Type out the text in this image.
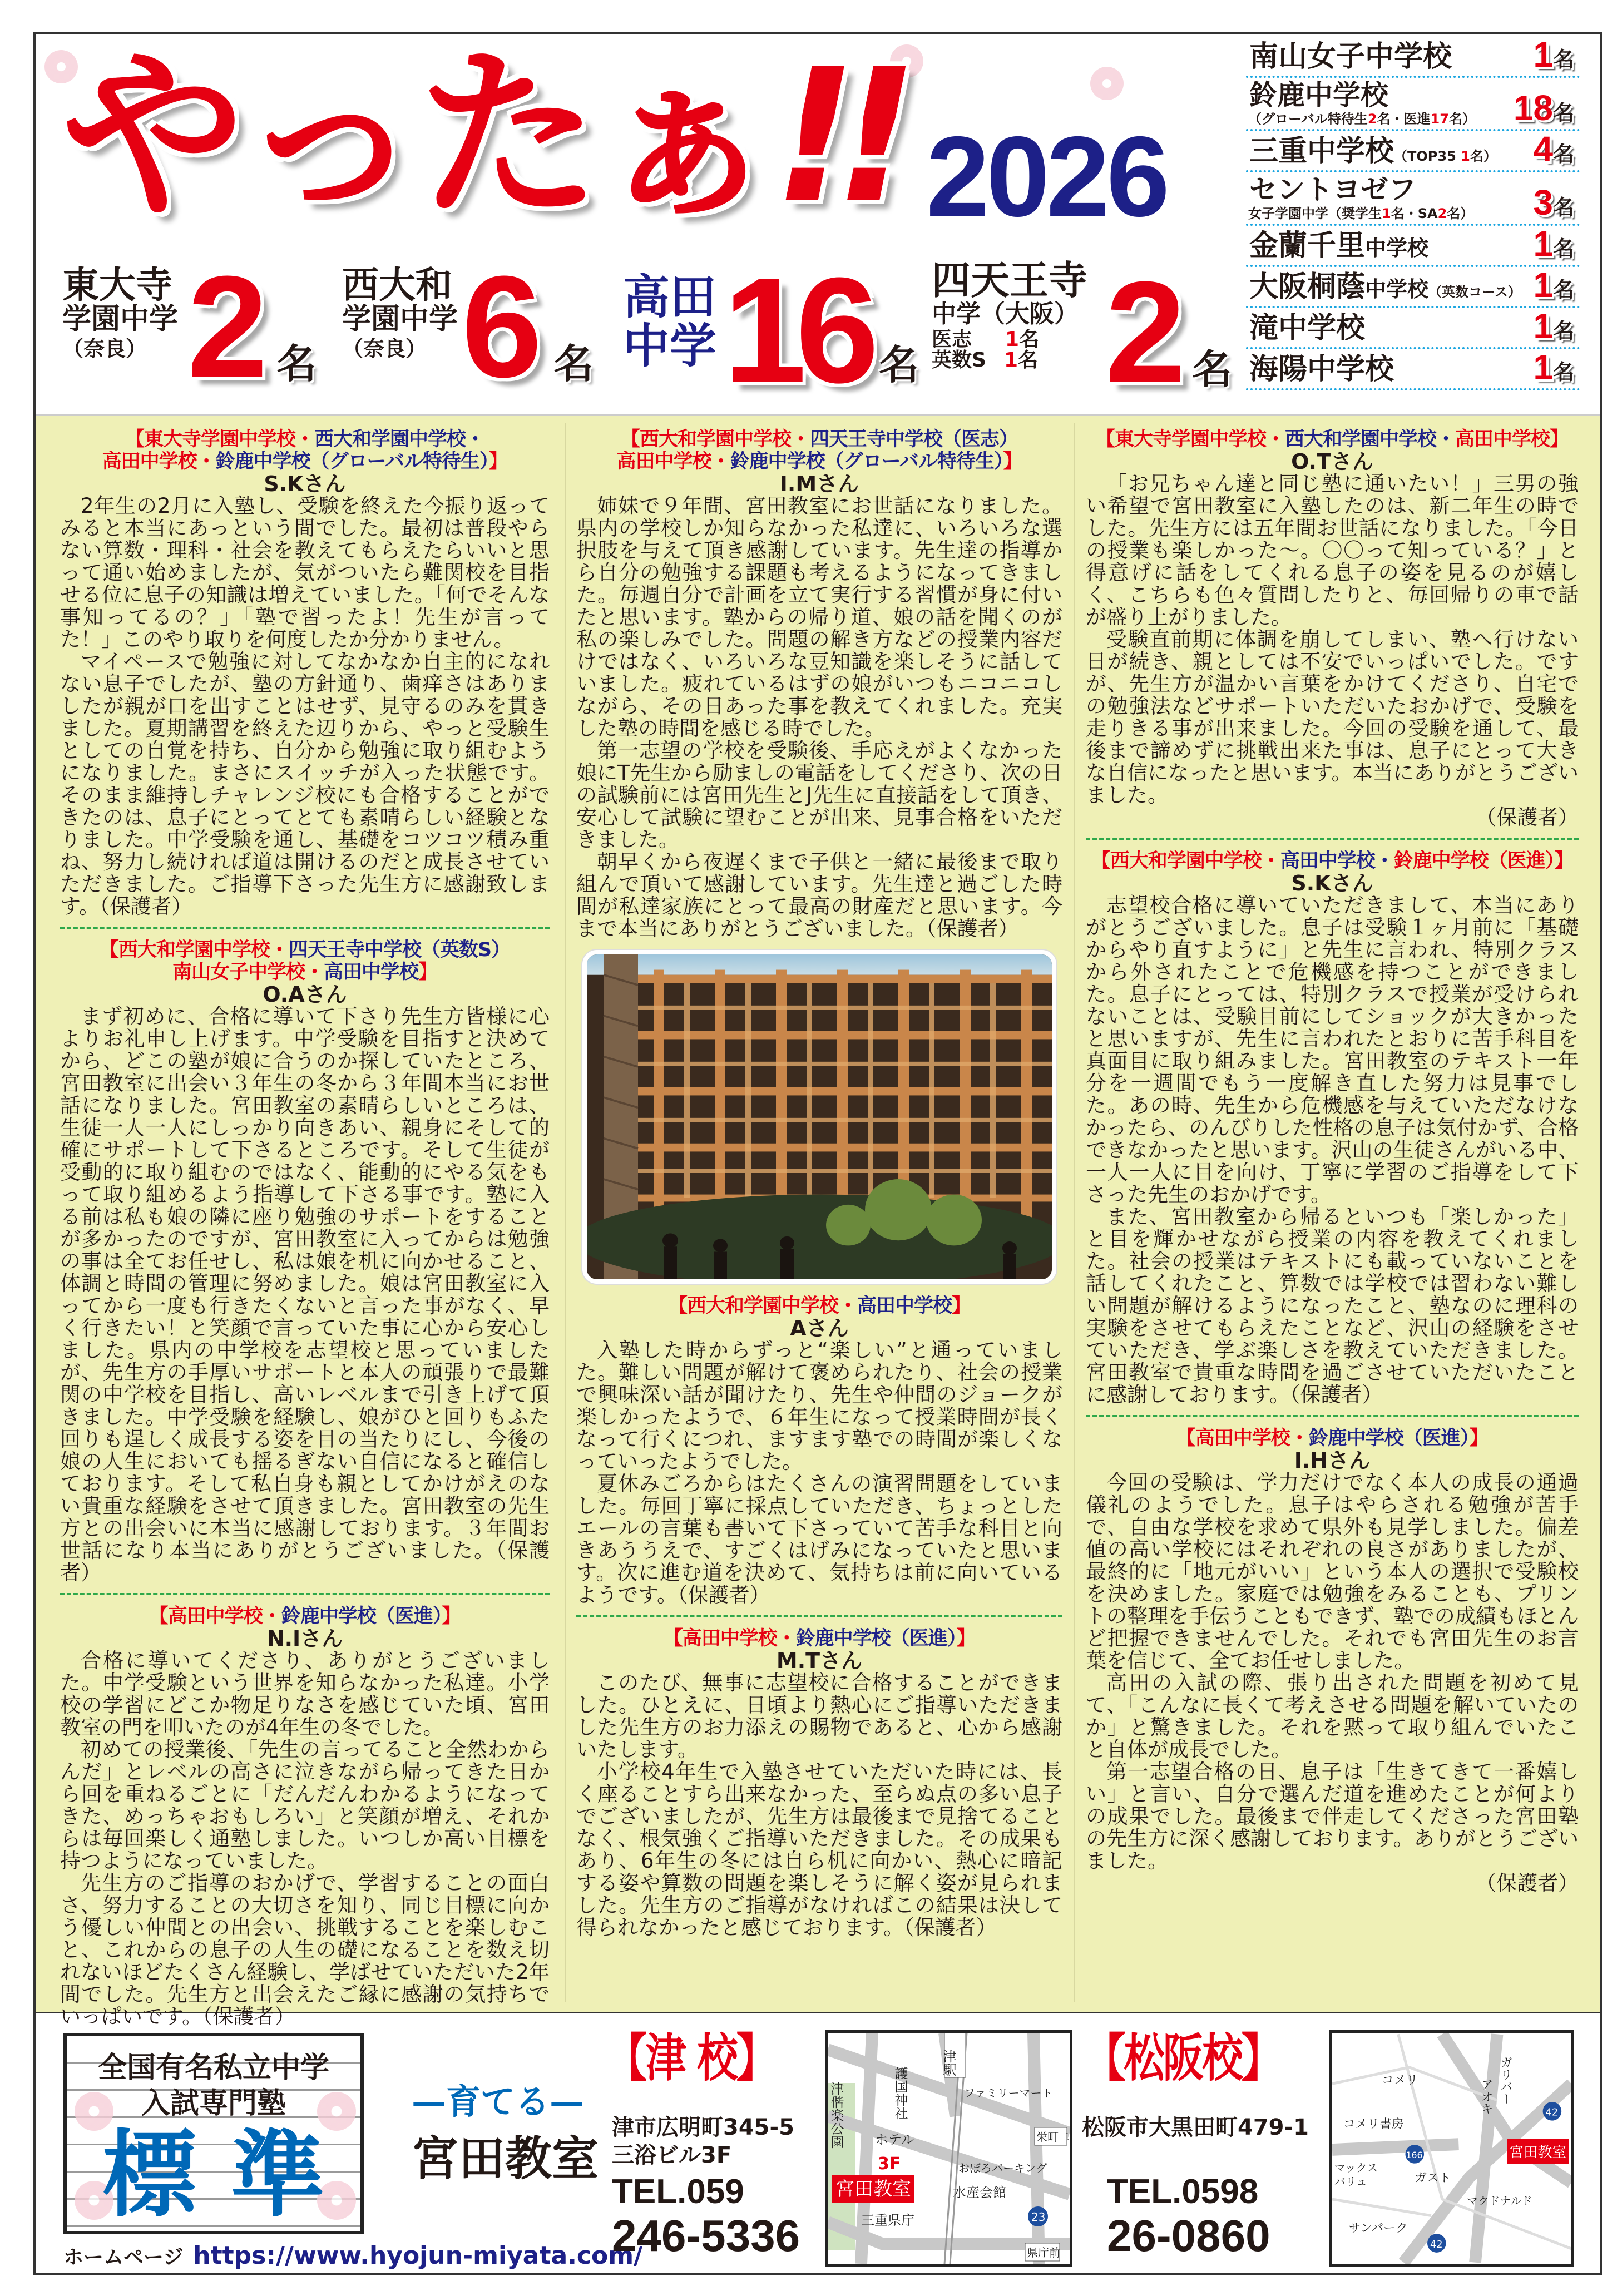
やったぁ!! 2026
東大寺
学園中学
（奈良） 2 名
西大和
学園中学
（奈良） 6 名
高田
中学 16 名
四天王寺
中学（大阪）
医志 1名
英数S 1名 2 名
南山女子中学校 1名
鈴鹿中学校
（グローバル特待生2名・医進17名） 18名
三重中学校（TOP35 1名） 4名
セントヨゼフ
女子学園中学（奨学生1名・SA2名） 3名
金蘭千里中学校	1名
大阪桐蔭中学校（英数コース） 1名
滝中学校	1名
海陽中学校	1名
【東大寺学園中学校・西大和学園中学校・
高田中学校・鈴鹿中学校（グローバル特待生）】
S.Kさん

2年生の2月に入塾し、受験を終えた今振り返ってみると本当にあっという間でした。最初は普段やらない算数・理科・社会を教えてもらえたらいいと思って通い始めましたが、気がついたら難関校を目指せる位に息子の知識は増えていました。「何でそんな事知ってるの？」「塾で習ったよ！先生が言ってた！」このやり取りを何度したか分かりません。

マイペースで勉強に対してなかなか自主的になれない息子でしたが、塾の方針通り、歯痒さはありましたが親が口を出すことはせず、見守るのみを貫きました。夏期講習を終えた辺りから、やっと受験生としての自覚を持ち、自分から勉強に取り組むようになりました。まさにスイッチが入った状態です。そのまま維持しチャレンジ校にも合格することができたのは、息子にとってとても素晴らしい経験となりました。中学受験を通し、基礎をコツコツ積み重ね、努力し続ければ道は開けるのだと成長させていただきました。ご指導下さった先生方に感謝致します。（保護者）

【西大和学園中学校・四天王寺中学校（英数S）
南山女子中学校・高田中学校】
O.Aさん

まず初めに、合格に導いて下さり先生方皆様に心よりお礼申し上げます。中学受験を目指すと決めてから、どこの塾が娘に合うのか探していたところ、宮田教室に出会い３年生の冬から３年間本当にお世話になりました。宮田教室の素晴らしいところは、生徒一人一人にしっかり向きあい、親身にそして的確にサポートして下さるところです。そして生徒が受動的に取り組むのではなく、能動的にやる気をもって取り組めるよう指導して下さる事です。塾に入る前は私も娘の隣に座り勉強のサポートをすることが多かったのですが、宮田教室に入ってからは勉強の事は全てお任せし、私は娘を机に向かせること、体調と時間の管理に努めました。娘は宮田教室に入ってから一度も行きたくないと言った事がなく、早く行きたい！と笑顔で言っていた事に心から安心しました。県内の中学校を志望校と思っていましたが、先生方の手厚いサポートと本人の頑張りで最難関の中学校を目指し、高いレベルまで引き上げて頂きました。中学受験を経験し、娘がひと回りもふた回りも逞しく成長する姿を目の当たりにし、今後の娘の人生においても揺るぎない自信になると確信しております。そして私自身も親としてかけがえのない貴重な経験をさせて頂きました。宮田教室の先生方との出会いに本当に感謝しております。３年間お世話になり本当にありがとうございました。（保護者）

【高田中学校・鈴鹿中学校（医進）】
N.Iさん

合格に導いてくださり、ありがとうございました。中学受験という世界を知らなかった私達。小学校の学習にどこか物足りなさを感じていた頃、宮田教室の門を叩いたのが4年生の冬でした。

初めての授業後、「先生の言ってること全然わからんだ」とレベルの高さに泣きながら帰ってきた日から回を重ねるごとに「だんだんわかるようになってきた、めっちゃおもしろい」と笑顔が増え、それからは毎回楽しく通塾しました。いつしか高い目標を持つようになっていました。

先生方のご指導のおかげで、学習することの面白さ、努力することの大切さを知り、同じ目標に向かう優しい仲間との出会い、挑戦することを楽しむこと、これからの息子の人生の礎になることを数え切れないほどたくさん経験し、学ばせていただいた2年間でした。先生方と出会えたご縁に感謝の気持ちでいっぱいです。（保護者）

【西大和学園中学校・四天王寺中学校（医志）
高田中学校・鈴鹿中学校（グローバル特待生）】
I.Mさん

姉妹で９年間、宮田教室にお世話になりました。県内の学校しか知らなかった私達に、いろいろな選択肢を与えて頂き感謝しています。先生達の指導から自分の勉強する課題も考えるようになってきました。毎週自分で計画を立て実行する習慣が身に付いたと思います。塾からの帰り道、娘の話を聞くのが私の楽しみでした。問題の解き方などの授業内容だけではなく、いろいろな豆知識を楽しそうに話していました。疲れているはずの娘がいつもニコニコしながら、その日あった事を教えてくれました。充実した塾の時間を感じる時でした。

第一志望の学校を受験後、手応えがよくなかった娘にT先生から励ましの電話をしてくださり、次の日の試験前には宮田先生とJ先生に直接話をして頂き、安心して試験に望むことが出来、見事合格をいただきました。

朝早くから夜遅くまで子供と一緒に最後まで取り組んで頂いて感謝しています。先生達と過ごした時間が私達家族にとって最高の財産だと思います。今まで本当にありがとうございました。（保護者）

【西大和学園中学校・高田中学校】
Aさん

入塾した時からずっと“楽しい”と通っていました。難しい問題が解けて褒められたり、社会の授業で興味深い話が聞けたり、先生や仲間のジョークが楽しかったようで、６年生になって授業時間が長くなって行くにつれ、ますます塾での時間が楽しくなっていったようでした。

夏休みごろからはたくさんの演習問題をしていました。毎回丁寧に採点していただき、ちょっとしたエールの言葉も書いて下さっていて苦手な科目と向きあううえで、すごくはげみになっていたと思います。次に進む道を決めて、気持ちは前に向いているようです。（保護者）

【高田中学校・鈴鹿中学校（医進）】
M.Tさん

このたび、無事に志望校に合格することができました。ひとえに、日頃より熱心にご指導いただきました先生方のお力添えの賜物であると、心から感謝いたします。

小学校4年生で入塾させていただいた時には、長く座ることすら出来なかった、至らぬ点の多い息子でございましたが、先生方は最後まで見捨てることなく、根気強くご指導いただきました。その成果もあり、6年生の冬には自ら机に向かい、熱心に暗記する姿や算数の問題を楽しそうに解く姿が見られました。先生方のご指導がなければこの結果は決して得られなかったと感じております。（保護者）

【東大寺学園中学校・西大和学園中学校・高田中学校】
O.Tさん

「お兄ちゃん達と同じ塾に通いたい！」三男の強い希望で宮田教室に入塾したのは、新二年生の時でした。先生方には五年間お世話になりました。「今日の授業も楽しかった〜。〇〇って知っている？」と得意げに話をしてくれる息子の姿を見るのが嬉しく、こちらも色々質問したりと、毎回帰りの車で話が盛り上がりました。

受験直前期に体調を崩してしまい、塾へ行けない日が続き、親としては不安でいっぱいでした。ですが、先生方が温かい言葉をかけてくださり、自宅での勉強法などサポートいただいたおかげで、受験を走りきる事が出来ました。今回の受験を通して、最後まで諦めずに挑戦出来た事は、息子にとって大きな自信になったと思います。本当にありがとうございました。

（保護者）
【西大和学園中学校・高田中学校・鈴鹿中学校（医進）】
S.Kさん

志望校合格に導いていただきまして、本当にありがとうございました。息子は受験１ヶ月前に「基礎からやり直すように」と先生に言われ、特別クラスから外されたことで危機感を持つことができました。息子にとっては、特別クラスで授業が受けられないことは、受験目前にしてショックが大きかったと思いますが、先生に言われたとおりに苦手科目を真面目に取り組みました。宮田教室のテキスト一年分を一週間でもう一度解き直した努力は見事でした。あの時、先生から危機感を与えていただなけなかったら、のんびりした性格の息子は気付かず、合格できなかったと思います。沢山の生徒さんがいる中、一人一人に目を向け、丁寧に学習のご指導をして下さった先生のおかげです。

また、宮田教室から帰るといつも「楽しかった」と目を輝かせながら授業の内容を教えてくれました。社会の授業はテキストにも載っていないことを話してくれたこと、算数では学校では習わない難しい問題が解けるようになったこと、塾なのに理科の実験をさせてもらえたことなど、沢山の経験をさせていただき、学ぶ楽しさを教えていただきました。宮田教室で貴重な時間を過ごさせていただいたことに感謝しております。（保護者）

【高田中学校・鈴鹿中学校（医進）】
I.Hさん

今回の受験は、学力だけでなく本人の成長の通過儀礼のようでした。息子はやらされる勉強が苦手で、自由な学校を求めて県外も見学しました。偏差値の高い学校にはそれぞれの良さがありましたが、最終的に「地元がいい」という本人の選択で受験校を決めました。家庭では勉強をみることも、プリントの整理を手伝うこともできず、塾での成績もほとんど把握できませんでした。それでも宮田先生のお言葉を信じて、全てお任せしました。

高田の入試の際、張り出された問題を初めて見て、「こんなに長くて考えさせる問題を解いていたのか」と驚きました。それを黙って取り組んでいたこと自体が成長でした。

第一志望合格の日、息子は「生きてきて一番嬉しい」と言い、自分で選んだ道を進めたことが何よりの成果でした。最後まで伴走してくださった宮田塾の先生方に深く感謝しております。ありがとうございました。

（保護者）
全国有名私立中学
入試専門塾
標準
ホームページ https://www.hyojun-miyata.com/
—育てる—
宮田教室
【津 校】
津市広明町345-5
三浴ビル3F
TEL.059
246-5336
津駅
護国神社	ファミリーマート
津偕楽公園 ホテル
3F
宮田教室
おぼろパーキング
水産会館
栄町二
三重県庁
県庁前
23
【松阪校】
松阪市大黒田町479-1
TEL.0598
26-0860
コメリ	ガリバー
アオキ	42
コメリ書房
166
マックス
バリュ	ガスト
宮田教室
マクドナルド
サンパーク
42
